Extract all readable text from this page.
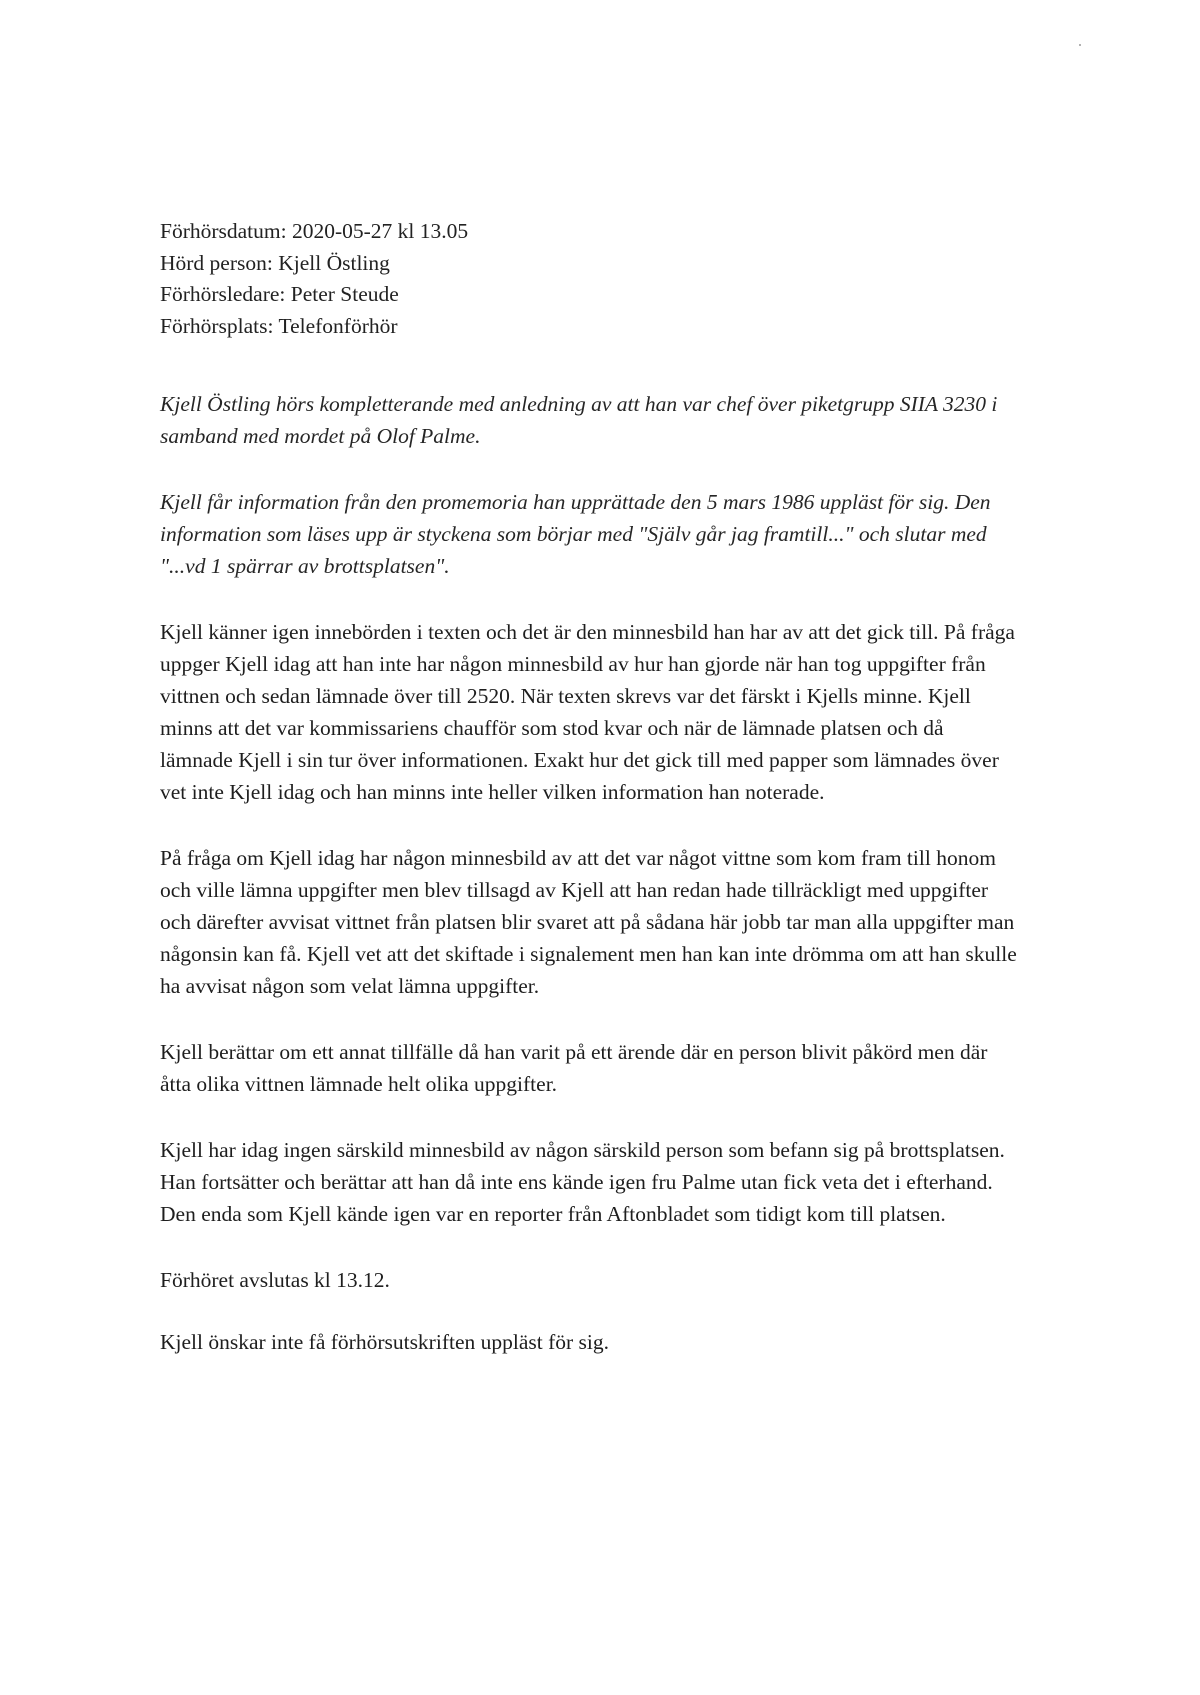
Förhörsdatum: 2020-05-27 kl 13.05
Hörd person: Kjell Östling
Förhörsledare: Peter Steude
Förhörsplats: Telefonförhör

Kjell Östling hörs kompletterande med anledning av att han var chef över piketgrupp SIIA 3230 i samband med mordet på Olof Palme.

Kjell får information från den promemoria han upprättade den 5 mars 1986 uppläst för sig. Den information som läses upp är styckena som börjar med "Själv går jag framtill..." och slutar med "...vd 1 spärrar av brottsplatsen".

Kjell känner igen innebörden i texten och det är den minnesbild han har av att det gick till. På fråga uppger Kjell idag att han inte har någon minnesbild av hur han gjorde när han tog uppgifter från vittnen och sedan lämnade över till 2520. När texten skrevs var det färskt i Kjells minne. Kjell minns att det var kommissariens chaufför som stod kvar och när de lämnade platsen och då lämnade Kjell i sin tur över informationen. Exakt hur det gick till med papper som lämnades över vet inte Kjell idag och han minns inte heller vilken information han noterade.

På fråga om Kjell idag har någon minnesbild av att det var något vittne som kom fram till honom och ville lämna uppgifter men blev tillsagd av Kjell att han redan hade tillräckligt med uppgifter och därefter avvisat vittnet från platsen blir svaret att på sådana här jobb tar man alla uppgifter man någonsin kan få. Kjell vet att det skiftade i signalement men han kan inte drömma om att han skulle ha avvisat någon som velat lämna uppgifter.

Kjell berättar om ett annat tillfälle då han varit på ett ärende där en person blivit påkörd men där åtta olika vittnen lämnade helt olika uppgifter.

Kjell har idag ingen särskild minnesbild av någon särskild person som befann sig på brottsplatsen. Han fortsätter och berättar att han då inte ens kände igen fru Palme utan fick veta det i efterhand. Den enda som Kjell kände igen var en reporter från Aftonbladet som tidigt kom till platsen.

Förhöret avslutas kl 13.12.

Kjell önskar inte få förhörsutskriften uppläst för sig.
